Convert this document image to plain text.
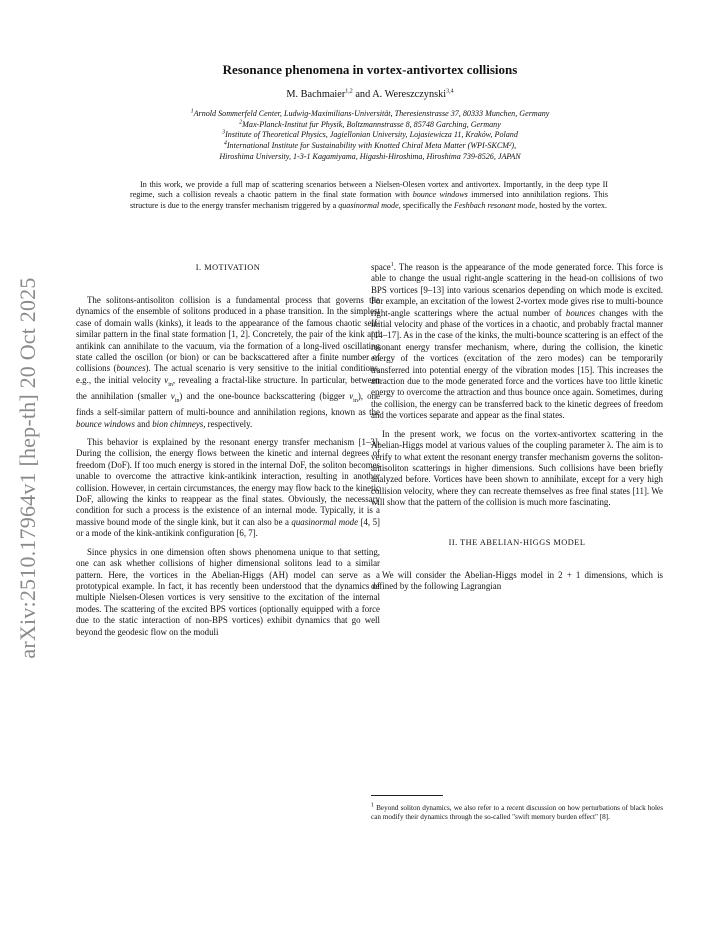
arXiv:2510.17964v1 [hep-th] 20 Oct 2025
Resonance phenomena in vortex-antivortex collisions
M. Bachmaier$^{1,2}$ and A. Wereszczynski$^{3,4}$
$^1$Arnold Sommerfeld Center, Ludwig-Maximilians-Universität, Theresienstrasse 37, 80333 Munchen, Germany
$^2$Max-Planck-Institut fur Physik, Boltzmannstrasse 8, 85748 Garching, Germany
$^3$Institute of Theoretical Physics, Jagiellonian University, Lojasiewicza 11, Kraków, Poland
$^4$International Institute for Sustainability with Knotted Chiral Meta Matter (WPI-SKCM²),
Hiroshima University, 1-3-1 Kagamiyama, Higashi-Hiroshima, Hiroshima 739-8526, JAPAN
In this work, we provide a full map of scattering scenarios between a Nielsen-Olesen vortex and antivortex. Importantly, in the deep type II regime, such a collision reveals a chaotic pattern in the final state formation with bounce windows immersed into annihilation regions. This structure is due to the energy transfer mechanism triggered by a quasinormal mode, specifically the Feshbach resonant mode, hosted by the vortex.
I. MOTIVATION

The solitons-antisoliton collision is a fundamental process that governs the dynamics of the ensemble of solitons produced in a phase transition. In the simplest case of domain walls (kinks), it leads to the appearance of the famous chaotic self-similar pattern in the final state formation [1, 2]. Concretely, the pair of the kink and antikink can annihilate to the vacuum, via the formation of a long-lived oscillating state called the oscillon (or bion) or can be backscattered after a finite number of collisions (bounces). The actual scenario is very sensitive to the initial conditions, e.g., the initial velocity $v_{in}$, revealing a fractal-like structure. In particular, between the annihilation (smaller $v_{in}$) and the one-bounce backscattering (bigger $v_{in}$), one finds a self-similar pattern of multi-bounce and annihilation regions, known as the bounce windows and bion chimneys, respectively.

This behavior is explained by the resonant energy transfer mechanism [1–3]. During the collision, the energy flows between the kinetic and internal degrees of freedom (DoF). If too much energy is stored in the internal DoF, the soliton becomes unable to overcome the attractive kink-antikink interaction, resulting in another collision. However, in certain circumstances, the energy may flow back to the kinetic DoF, allowing the kinks to reappear as the final states. Obviously, the necessary condition for such a process is the existence of an internal mode. Typically, it is a massive bound mode of the single kink, but it can also be a quasinormal mode [4, 5] or a mode of the kink-antikink configuration [6, 7].

Since physics in one dimension often shows phenomena unique to that setting, one can ask whether collisions of higher dimensional solitons lead to a similar pattern. Here, the vortices in the Abelian-Higgs (AH) model can serve as a prototypical example. In fact, it has recently been understood that the dynamics of multiple Nielsen-Olesen vortices is very sensitive to the excitation of the internal modes. The scattering of the excited BPS vortices (optionally equipped with a force due to the static interaction of non-BPS vortices) exhibit dynamics that go well beyond the geodesic flow on the moduli

space$^1$. The reason is the appearance of the mode generated force. This force is able to change the usual right-angle scattering in the head-on collisions of two BPS vortices [9–13] into various scenarios depending on which mode is excited. For example, an excitation of the lowest 2-vortex mode gives rise to multi-bounce right-angle scatterings where the actual number of bounces changes with the initial velocity and phase of the vortices in a chaotic, and probably fractal manner [14–17]. As in the case of the kinks, the multi-bounce scattering is an effect of the resonant energy transfer mechanism, where, during the collision, the kinetic energy of the vortices (excitation of the zero modes) can be temporarily transferred into potential energy of the vibration modes [15]. This increases the attraction due to the mode generated force and the vortices have too little kinetic energy to overcome the attraction and thus bounce once again. Sometimes, during the collision, the energy can be transferred back to the kinetic degrees of freedom and the vortices separate and appear as the final states.

In the present work, we focus on the vortex-antivortex scattering in the Abelian-Higgs model at various values of the coupling parameter λ. The aim is to verify to what extent the resonant energy transfer mechanism governs the soliton-antisoliton scatterings in higher dimensions. Such collisions have been briefly analyzed before. Vortices have been shown to annihilate, except for a very high collision velocity, where they can recreate themselves as free final states [11]. We will show that the pattern of the collision is much more fascinating.

II. THE ABELIAN-HIGGS MODEL

We will consider the Abelian-Higgs model in 2 + 1 dimensions, which is defined by the following Lagrangian

$^1$ Beyond soliton dynamics, we also refer to a recent discussion on how perturbations of black holes can modify their dynamics through the so-called "swift memory burden effect" [8].
